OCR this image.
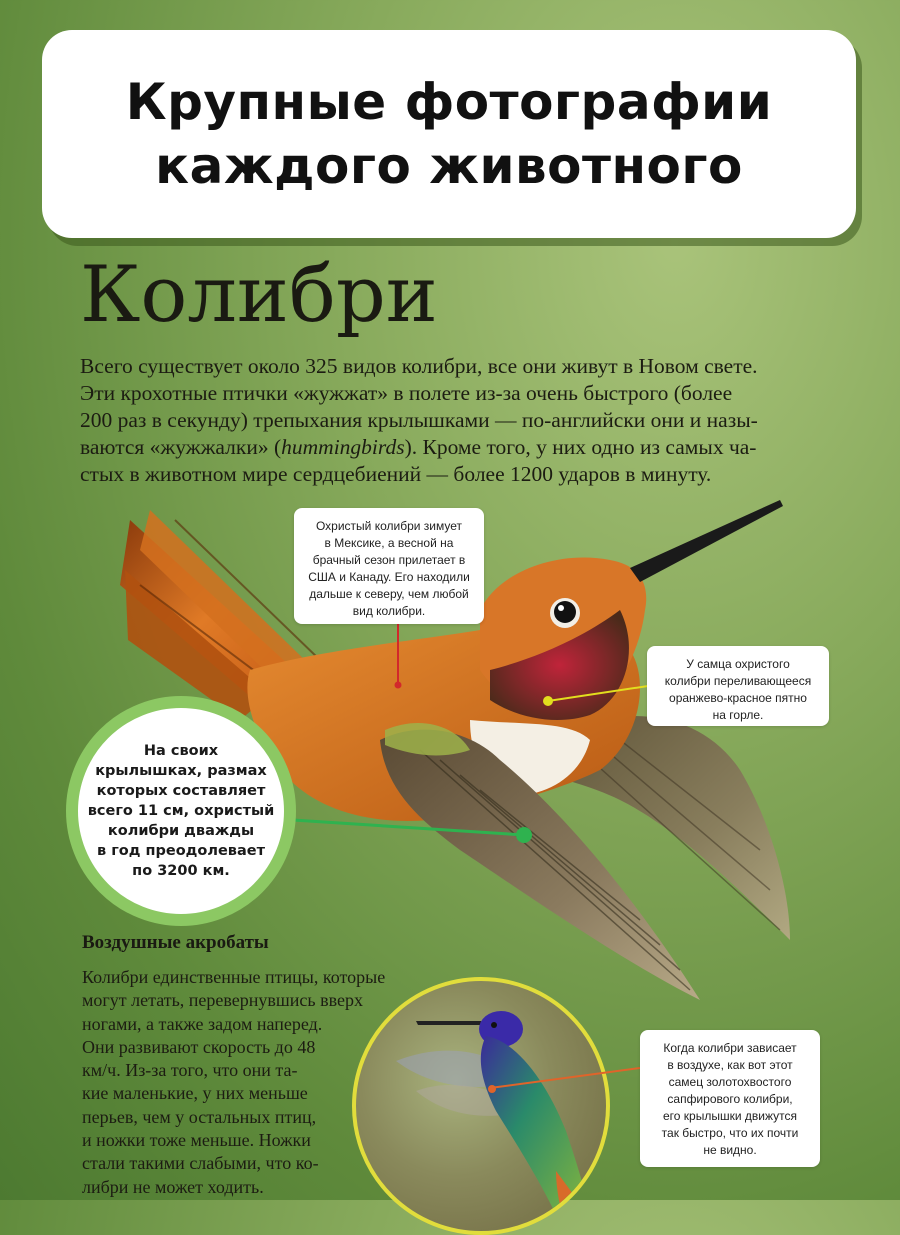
Крупные фотографии
каждого животного
Колибри
Всего существует около 325 видов колибри, все они живут в Новом свете.
Эти крохотные птички «жужжат» в полете из-за очень быстрого (более
200 раз в секунду) трепыхания крылышками — по-английски они и назы-
ваются «жужжалки» (hummingbirds). Кроме того, у них одно из самых ча-
стых в животном мире сердцебиений — более 1200 ударов в минуту.
Охристый колибри зимует
в Мексике, а весной на
брачный сезон прилетает в
США и Канаду. Его находили
дальше к северу, чем любой
вид колибри.
У самца охристого
колибри переливающееся
оранжево-красное пятно
на горле.
На своих
крылышках, размах
которых составляет
всего 11 см, охристый
колибри дважды
в год преодолевает
по 3200 км.
Воздушные акробаты
Колибри единственные птицы, которые
могут летать, перевернувшись вверх
ногами, а также задом наперед.
Они развивают скорость до 48
км/ч. Из-за того, что они та-
кие маленькие, у них меньше
перьев, чем у остальных птиц,
и ножки тоже меньше. Ножки
стали такими слабыми, что ко-
либри не может ходить.
Когда колибри зависает
в воздухе, как вот этот
самец золотохвостого
сапфирового колибри,
его крылышки движутся
так быстро, что их почти
не видно.
